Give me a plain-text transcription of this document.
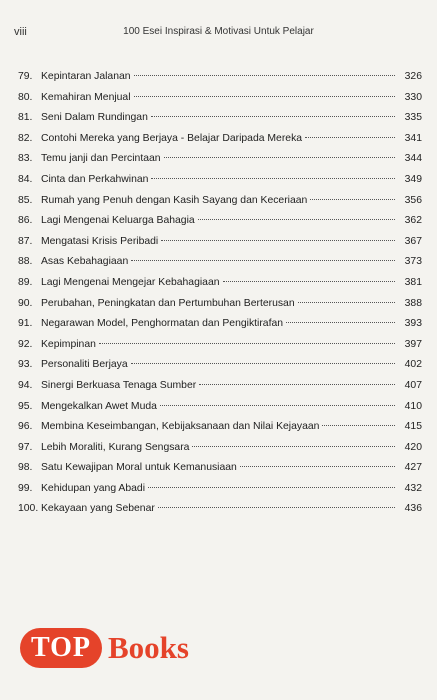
viii	100 Esei Inspirasi & Motivasi Untuk Pelajar
79. Kepintaran Jalanan	326
80. Kemahiran Menjual	330
81. Seni Dalam Rundingan	335
82. Contohi Mereka yang Berjaya - Belajar Daripada Mereka	341
83. Temu janji dan Percintaan	344
84. Cinta dan Perkahwinan	349
85. Rumah yang Penuh dengan Kasih Sayang dan Keceriaan	356
86. Lagi Mengenai Keluarga Bahagia	362
87. Mengatasi Krisis Peribadi	367
88. Asas Kebahagiaan	373
89. Lagi Mengenai Mengejar Kebahagiaan	381
90. Perubahan, Peningkatan dan Pertumbuhan Berterusan	388
91. Negarawan Model, Penghormatan dan Pengiktirafan	393
92. Kepimpinan	397
93. Personaliti Berjaya	402
94. Sinergi Berkuasa Tenaga Sumber	407
95. Mengekalkan Awet Muda	410
96. Membina Keseimbangan, Kebijaksanaan dan Nilai Kejayaan	415
97. Lebih Moraliti, Kurang Sengsara	420
98. Satu Kewajipan Moral untuk Kemanusiaan	427
99. Kehidupan yang Abadi	432
100. Kekayaan yang Sebenar	436

TOP Books
